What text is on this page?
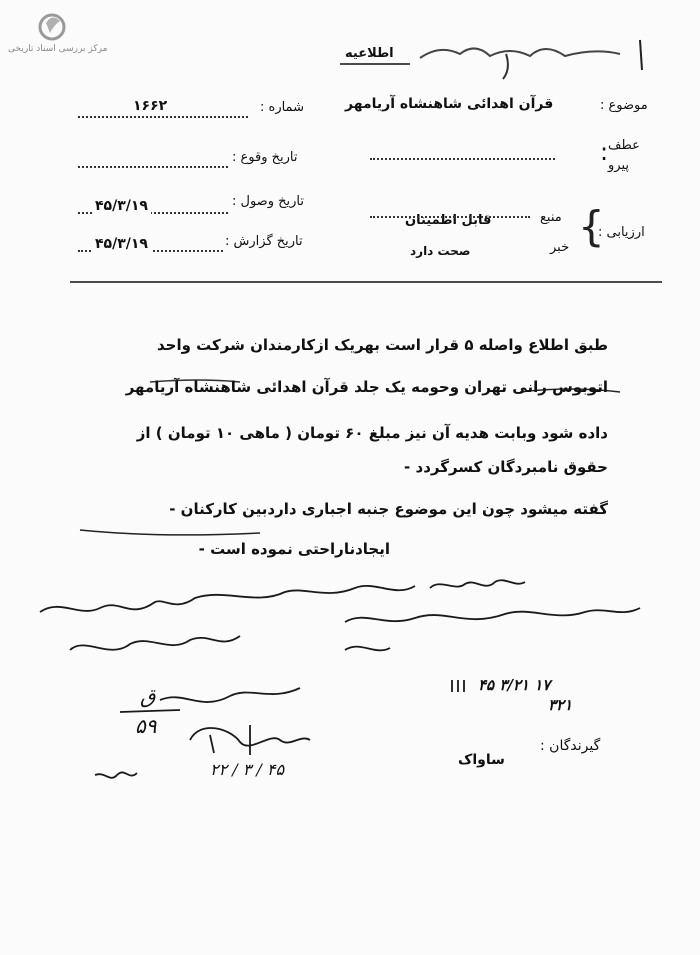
مرکز بررسی اسناد تاریخی	اطلاعیه
موضوع :
قرآن اهدائی شاهنشاه آریامهر
عطف
پیرو
:
ارزیابی :
{
منبع
قابل اطمینان
خبر
صحت دارد
شماره :
۱۶۶۲
تاریخ وقوع :
تاریخ وصول :
۴۵/۳/۱۹
تاریخ گزارش :
۴۵/۳/۱۹
طبق اطلاع واصله ۵ قرار است بهریک ازکارمندان شرکت واحد
اتوبوس رانی تهران وحومه یک جلد قرآن اهدائی شاهنشاه آریامهر
داده شود وبابت هدیه آن نیز مبلغ ۶۰ تومان ( ماهی ۱۰ تومان ) از
حقوق نامبردگان کسرگردد -
گفته میشود چون این موضوع جنبه اجباری داردبین کارکنان -
ایجادناراحتی نموده است -
۴۵ ۳/۲۱ ۱۷
۳۲۱
۲۲ / ۳ / ۴۵
ق
۵۹
گیرندگان :
ساواک
